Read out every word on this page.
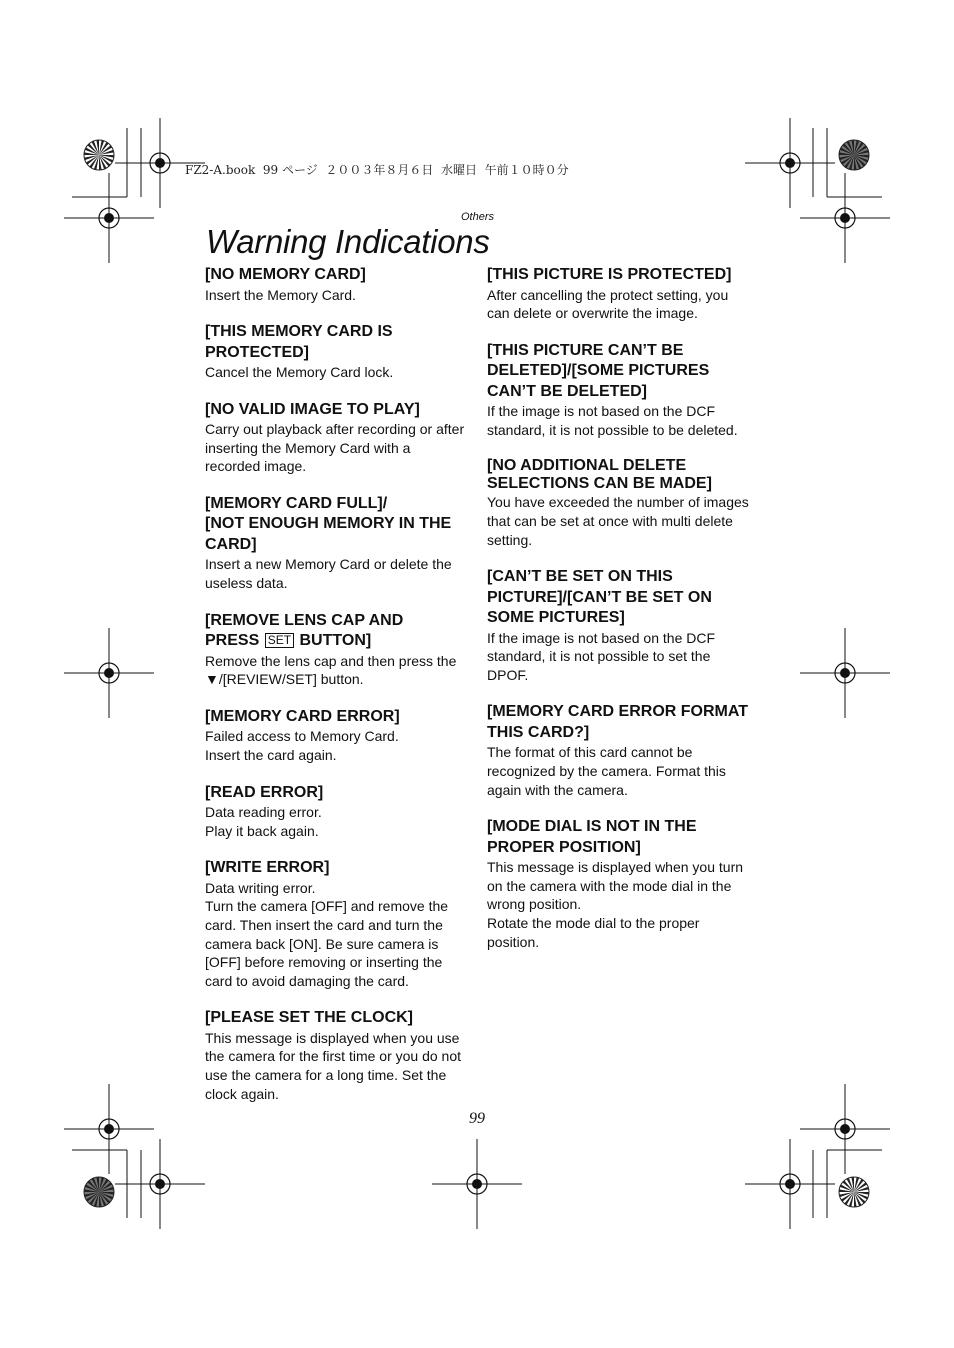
FZ2-A.book  99 ページ  ２００３年８月６日  水曜日  午前１０時０分
Others
Warning Indications
[NO MEMORY CARD]
Insert the Memory Card.
[THIS MEMORY CARD IS PROTECTED]
Cancel the Memory Card lock.
[NO VALID IMAGE TO PLAY]
Carry out playback after recording or after inserting the Memory Card with a recorded image.
[MEMORY CARD FULL]/
[NOT ENOUGH MEMORY IN THE CARD]
Insert a new Memory Card or delete the useless data.
[REMOVE LENS CAP AND
PRESS SET BUTTON]
Remove the lens cap and then press the ▼/[REVIEW/SET] button.
[MEMORY CARD ERROR]
Failed access to Memory Card.
Insert the card again.
[READ ERROR]
Data reading error.
Play it back again.
[WRITE ERROR]
Data writing error.
Turn the camera [OFF] and remove the card. Then insert the card and turn the camera back [ON]. Be sure camera is [OFF] before removing or inserting the card to avoid damaging the card.
[PLEASE SET THE CLOCK]
This message is displayed when you use the camera for the first time or you do not use the camera for a long time. Set the clock again.
[THIS PICTURE IS PROTECTED]
After cancelling the protect setting, you can delete or overwrite the image.
[THIS PICTURE CAN’T BE DELETED]/[SOME PICTURES CAN’T BE DELETED]
If the image is not based on the DCF standard, it is not possible to be deleted.
[NO ADDITIONAL DELETE SELECTIONS CAN BE MADE]
You have exceeded the number of images that can be set at once with multi delete setting.
[CAN’T BE SET ON THIS PICTURE]/[CAN’T BE SET ON SOME PICTURES]
If the image is not based on the DCF standard, it is not possible to set the DPOF.
[MEMORY CARD ERROR FORMAT THIS CARD?]
The format of this card cannot be recognized by the camera. Format this again with the camera.
[MODE DIAL IS NOT IN THE PROPER POSITION]
This message is displayed when you turn on the camera with the mode dial in the wrong position.
Rotate the mode dial to the proper position.
99
